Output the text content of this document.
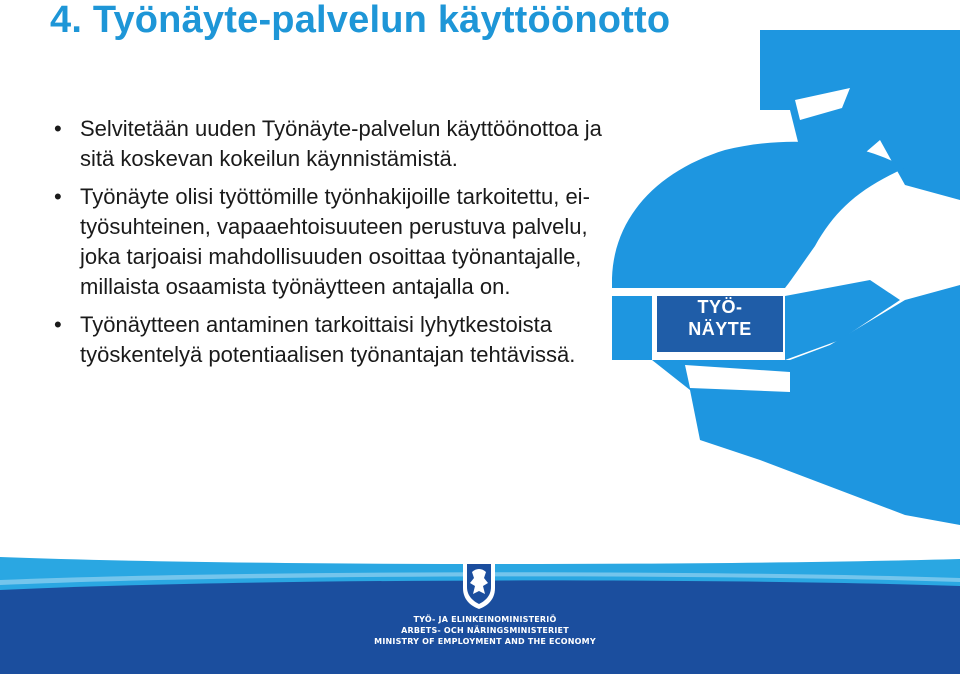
4. Työnäyte-palvelun käyttöönotto
• Selvitetään uuden Työnäyte-palvelun käyttöönottoa ja sitä koskevan kokeilun käynnistämistä.
• Työnäyte olisi työttömille työnhakijoille tarkoitettu, ei-työsuhteinen, vapaaehtoisuuteen perustuva palvelu, joka tarjoaisi mahdollisuuden osoittaa työnantajalle, millaista osaamista työnäytteen antajalla on.
• Työnäytteen antaminen tarkoittaisi lyhytkestoista työskentelyä potentiaalisen työnantajan tehtävissä.
TYÖ-
NÄYTE
TYÖ- JA ELINKEINOMINISTERIÖ
ARBETS- OCH NÄRINGSMINISTERIET
MINISTRY OF EMPLOYMENT AND THE ECONOMY
